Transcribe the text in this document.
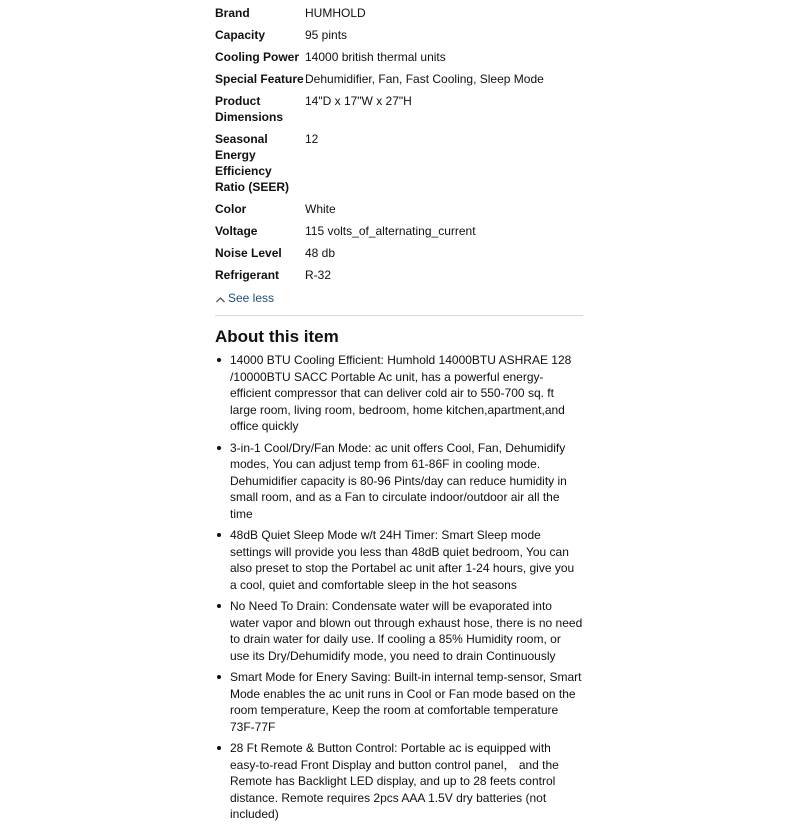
Brand	HUMHOLD
Capacity	95 pints
Cooling Power	14000 british thermal units
Special Feature	Dehumidifier, Fan, Fast Cooling, Sleep Mode
Product Dimensions	14"D x 17"W x 27"H
Seasonal Energy Efficiency Ratio (SEER)	12
Color	White
Voltage	115 volts_of_alternating_current
Noise Level	48 db
Refrigerant	R-32
See less
About this item
14000 BTU Cooling Efficient: Humhold 14000BTU ASHRAE 128 /10000BTU SACC Portable Ac unit, has a powerful energy-efficient compressor that can deliver cold air to 550-700 sq. ft large room, living room, bedroom, home kitchen,apartment,and office quickly
3-in-1 Cool/Dry/Fan Mode: ac unit offers Cool, Fan, Dehumidify modes, You can adjust temp from 61-86F in cooling mode. Dehumidifier capacity is 80-96 Pints/day can reduce humidity in small room, and as a Fan to circulate indoor/outdoor air all the time
48dB Quiet Sleep Mode w/t 24H Timer: Smart Sleep mode settings will provide you less than 48dB quiet bedroom, You can also preset to stop the Portabel ac unit after 1-24 hours, give you a cool, quiet and comfortable sleep in the hot seasons
No Need To Drain: Condensate water will be evaporated into water vapor and blown out through exhaust hose, there is no need to drain water for daily use. If cooling a 85% Humidity room, or use its Dry/Dehumidify mode, you need to drain Continuously
Smart Mode for Enery Saving: Built-in internal temp-sensor, Smart Mode enables the ac unit runs in Cool or Fan mode based on the room temperature, Keep the room at comfortable temperature 73F-77F
28 Ft Remote & Button Control: Portable ac is equipped with easy-to-read Front Display and button control panel， and the Remote has Backlight LED display, and up to 28 feets control distance. Remote requires 2pcs AAA 1.5V dry batteries (not included)
